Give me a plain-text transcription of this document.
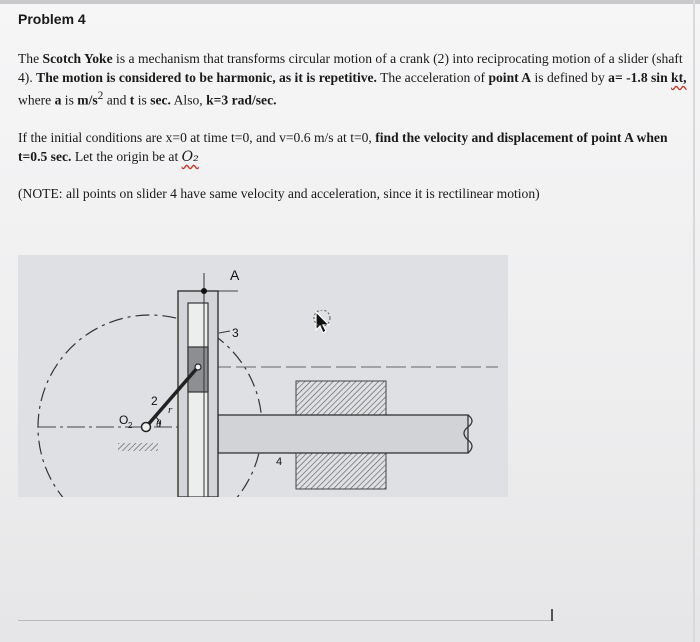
Problem 4
The Scotch Yoke is a mechanism that transforms circular motion of a crank (2) into reciprocating motion of a slider (shaft 4). The motion is considered to be harmonic, as it is repetitive. The acceleration of point A is defined by a= -1.8 sin kt, where a is $m/s^2$ and t is sec. Also, k=3 rad/sec.
If the initial conditions are x=0 at time t=0, and v=0.6 m/s at t=0, find the velocity and displacement of point A when t=0.5 sec. Let the origin be at O₂
(NOTE: all points on slider 4 have same velocity and acceleration, since it is rectilinear motion)
A
3
2
r
θ
O 2
4
